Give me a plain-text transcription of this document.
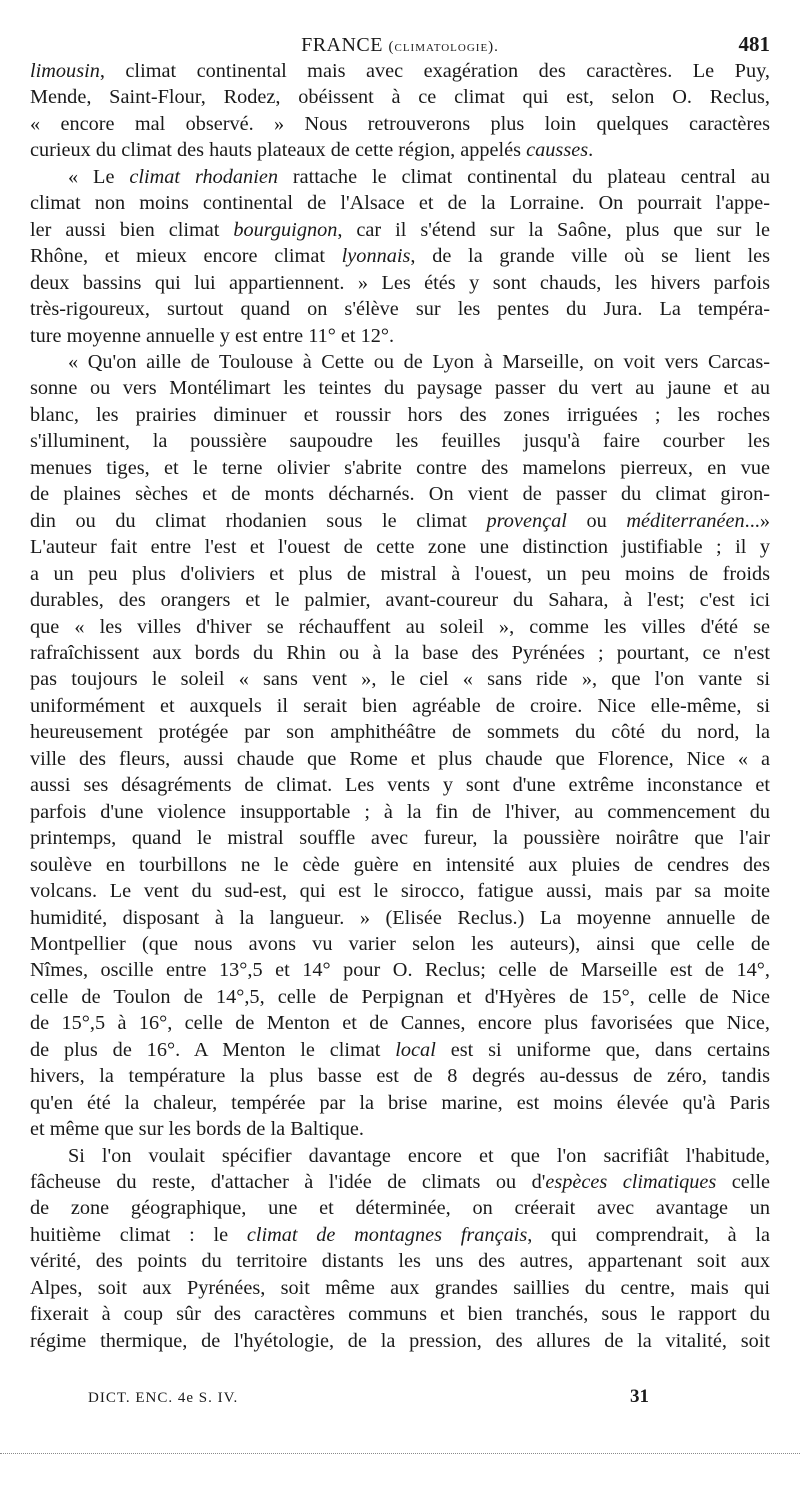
FRANCE (climatologie).	481

limousin, climat continental mais avec exagération des caractères. Le Puy,
Mende, Saint-Flour, Rodez, obéissent à ce climat qui est, selon O. Reclus,
« encore mal observé. » Nous retrouverons plus loin quelques caractères
curieux du climat des hauts plateaux de cette région, appelés causses.

« Le climat rhodanien rattache le climat continental du plateau central au
climat non moins continental de l'Alsace et de la Lorraine. On pourrait l'appe-
ler aussi bien climat bourguignon, car il s'étend sur la Saône, plus que sur le
Rhône, et mieux encore climat lyonnais, de la grande ville où se lient les
deux bassins qui lui appartiennent. » Les étés y sont chauds, les hivers parfois
très-rigoureux, surtout quand on s'élève sur les pentes du Jura. La tempéra-
ture moyenne annuelle y est entre 11° et 12°.

« Qu'on aille de Toulouse à Cette ou de Lyon à Marseille, on voit vers Carcas-
sonne ou vers Montélimart les teintes du paysage passer du vert au jaune et au
blanc, les prairies diminuer et roussir hors des zones irriguées ; les roches
s'illuminent, la poussière saupoudre les feuilles jusqu'à faire courber les
menues tiges, et le terne olivier s'abrite contre des mamelons pierreux, en vue
de plaines sèches et de monts décharnés. On vient de passer du climat giron-
din ou du climat rhodanien sous le climat provençal ou méditerranéen...»
L'auteur fait entre l'est et l'ouest de cette zone une distinction justifiable ; il y
a un peu plus d'oliviers et plus de mistral à l'ouest, un peu moins de froids
durables, des orangers et le palmier, avant-coureur du Sahara, à l'est; c'est ici
que « les villes d'hiver se réchauffent au soleil », comme les villes d'été se
rafraîchissent aux bords du Rhin ou à la base des Pyrénées ; pourtant, ce n'est
pas toujours le soleil « sans vent », le ciel « sans ride », que l'on vante si
uniformément et auxquels il serait bien agréable de croire. Nice elle-même, si
heureusement protégée par son amphithéâtre de sommets du côté du nord, la
ville des fleurs, aussi chaude que Rome et plus chaude que Florence, Nice « a
aussi ses désagréments de climat. Les vents y sont d'une extrême inconstance et
parfois d'une violence insupportable ; à la fin de l'hiver, au commencement du
printemps, quand le mistral souffle avec fureur, la poussière noirâtre que l'air
soulève en tourbillons ne le cède guère en intensité aux pluies de cendres des
volcans. Le vent du sud-est, qui est le sirocco, fatigue aussi, mais par sa moite
humidité, disposant à la langueur. » (Elisée Reclus.) La moyenne annuelle de
Montpellier (que nous avons vu varier selon les auteurs), ainsi que celle de
Nîmes, oscille entre 13°,5 et 14° pour O. Reclus; celle de Marseille est de 14°,
celle de Toulon de 14°,5, celle de Perpignan et d'Hyères de 15°, celle de Nice
de 15°,5 à 16°, celle de Menton et de Cannes, encore plus favorisées que Nice,
de plus de 16°. A Menton le climat local est si uniforme que, dans certains
hivers, la température la plus basse est de 8 degrés au-dessus de zéro, tandis
qu'en été la chaleur, tempérée par la brise marine, est moins élevée qu'à Paris
et même que sur les bords de la Baltique.

Si l'on voulait spécifier davantage encore et que l'on sacrifiât l'habitude,
fâcheuse du reste, d'attacher à l'idée de climats ou d'espèces climatiques celle
de zone géographique, une et déterminée, on créerait avec avantage un
huitième climat : le climat de montagnes français, qui comprendrait, à la
vérité, des points du territoire distants les uns des autres, appartenant soit aux
Alpes, soit aux Pyrénées, soit même aux grandes saillies du centre, mais qui
fixerait à coup sûr des caractères communs et bien tranchés, sous le rapport du
régime thermique, de l'hyétologie, de la pression, des allures de la vitalité, soit

DICT. ENC. 4e S. IV.	31
